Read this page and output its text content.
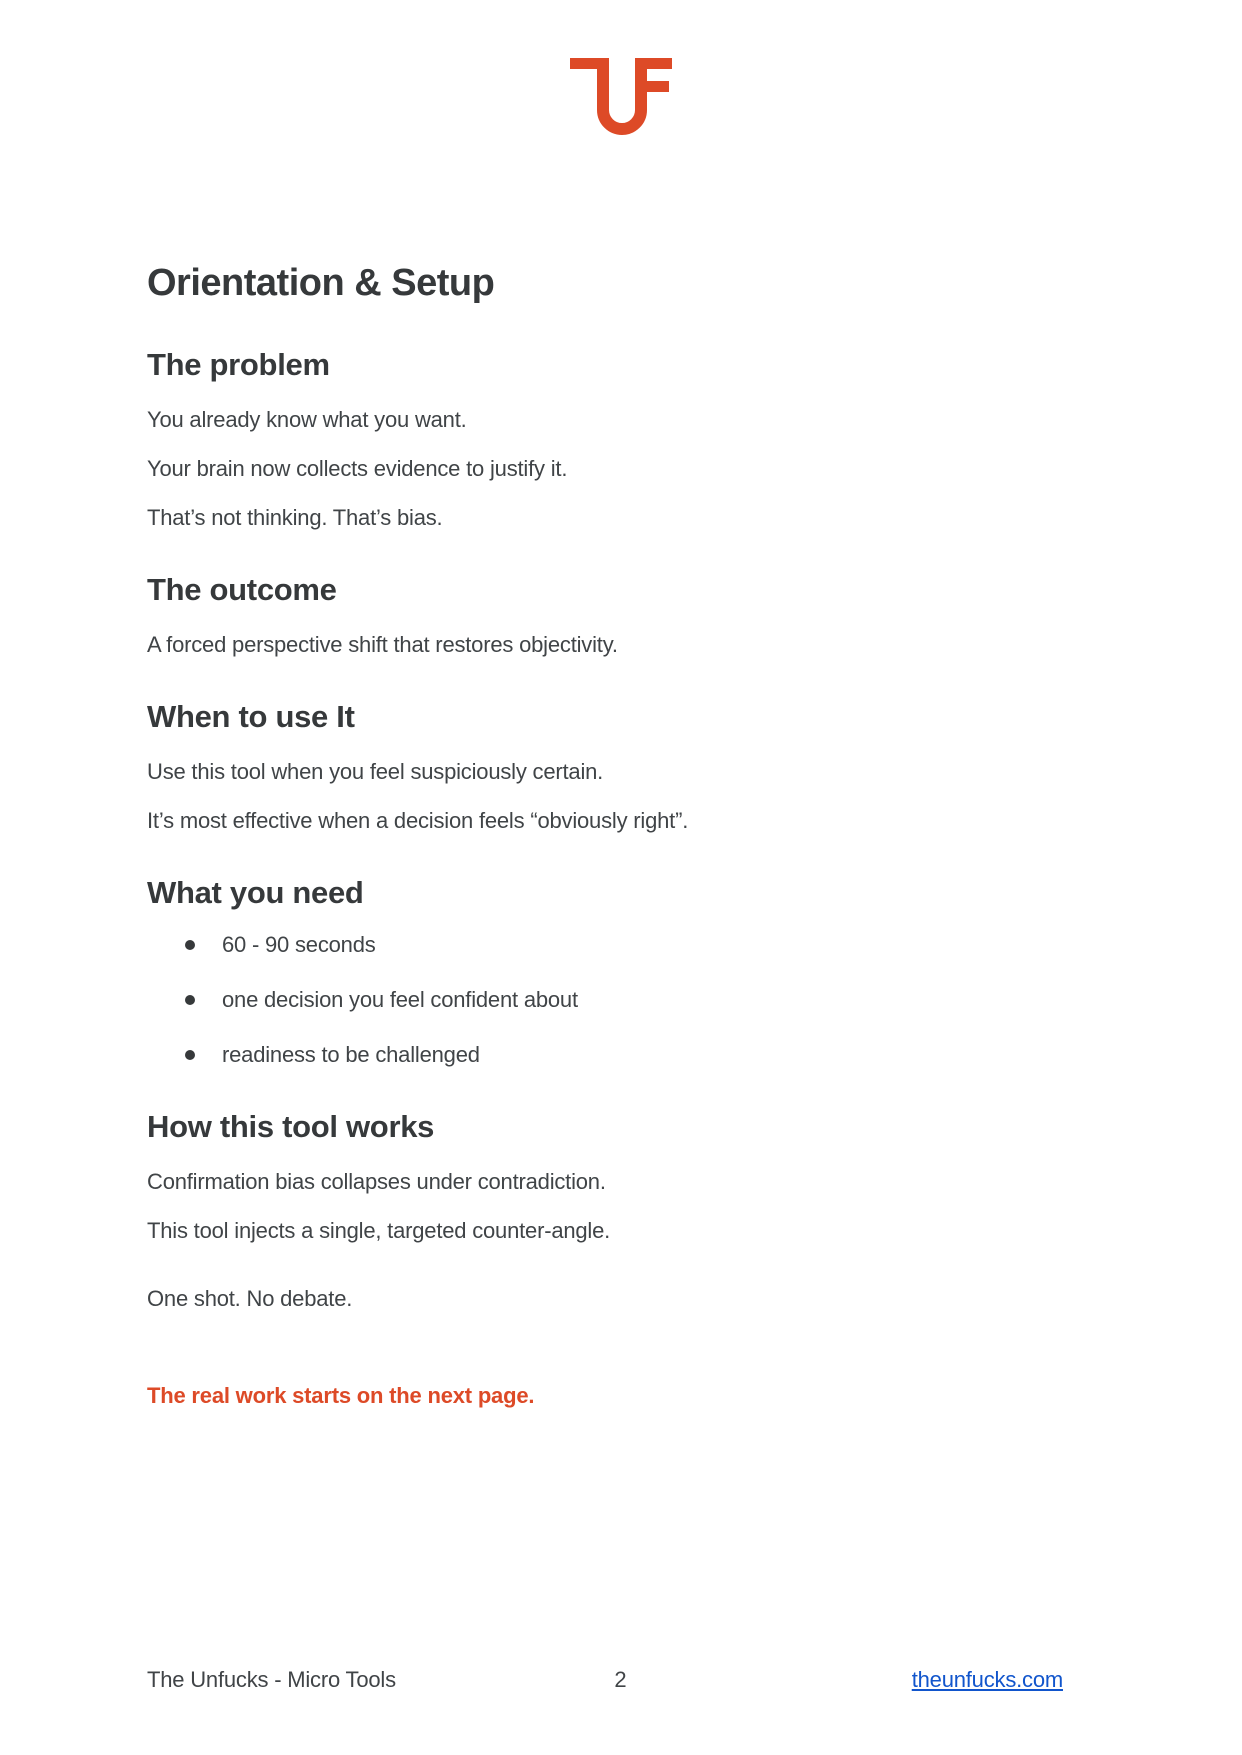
Orientation & Setup
The problem

You already know what you want.

Your brain now collects evidence to justify it.

That’s not thinking. That’s bias.

The outcome

A forced perspective shift that restores objectivity.

When to use It

Use this tool when you feel suspiciously certain.

It’s most effective when a decision feels “obviously right”.

What you need
60 - 90 seconds
one decision you feel confident about
readiness to be challenged
How this tool works

Confirmation bias collapses under contradiction.

This tool injects a single, targeted counter-angle.

One shot. No debate.

The real work starts on the next page.

The Unfucks - Micro Tools	2	theunfucks.com
